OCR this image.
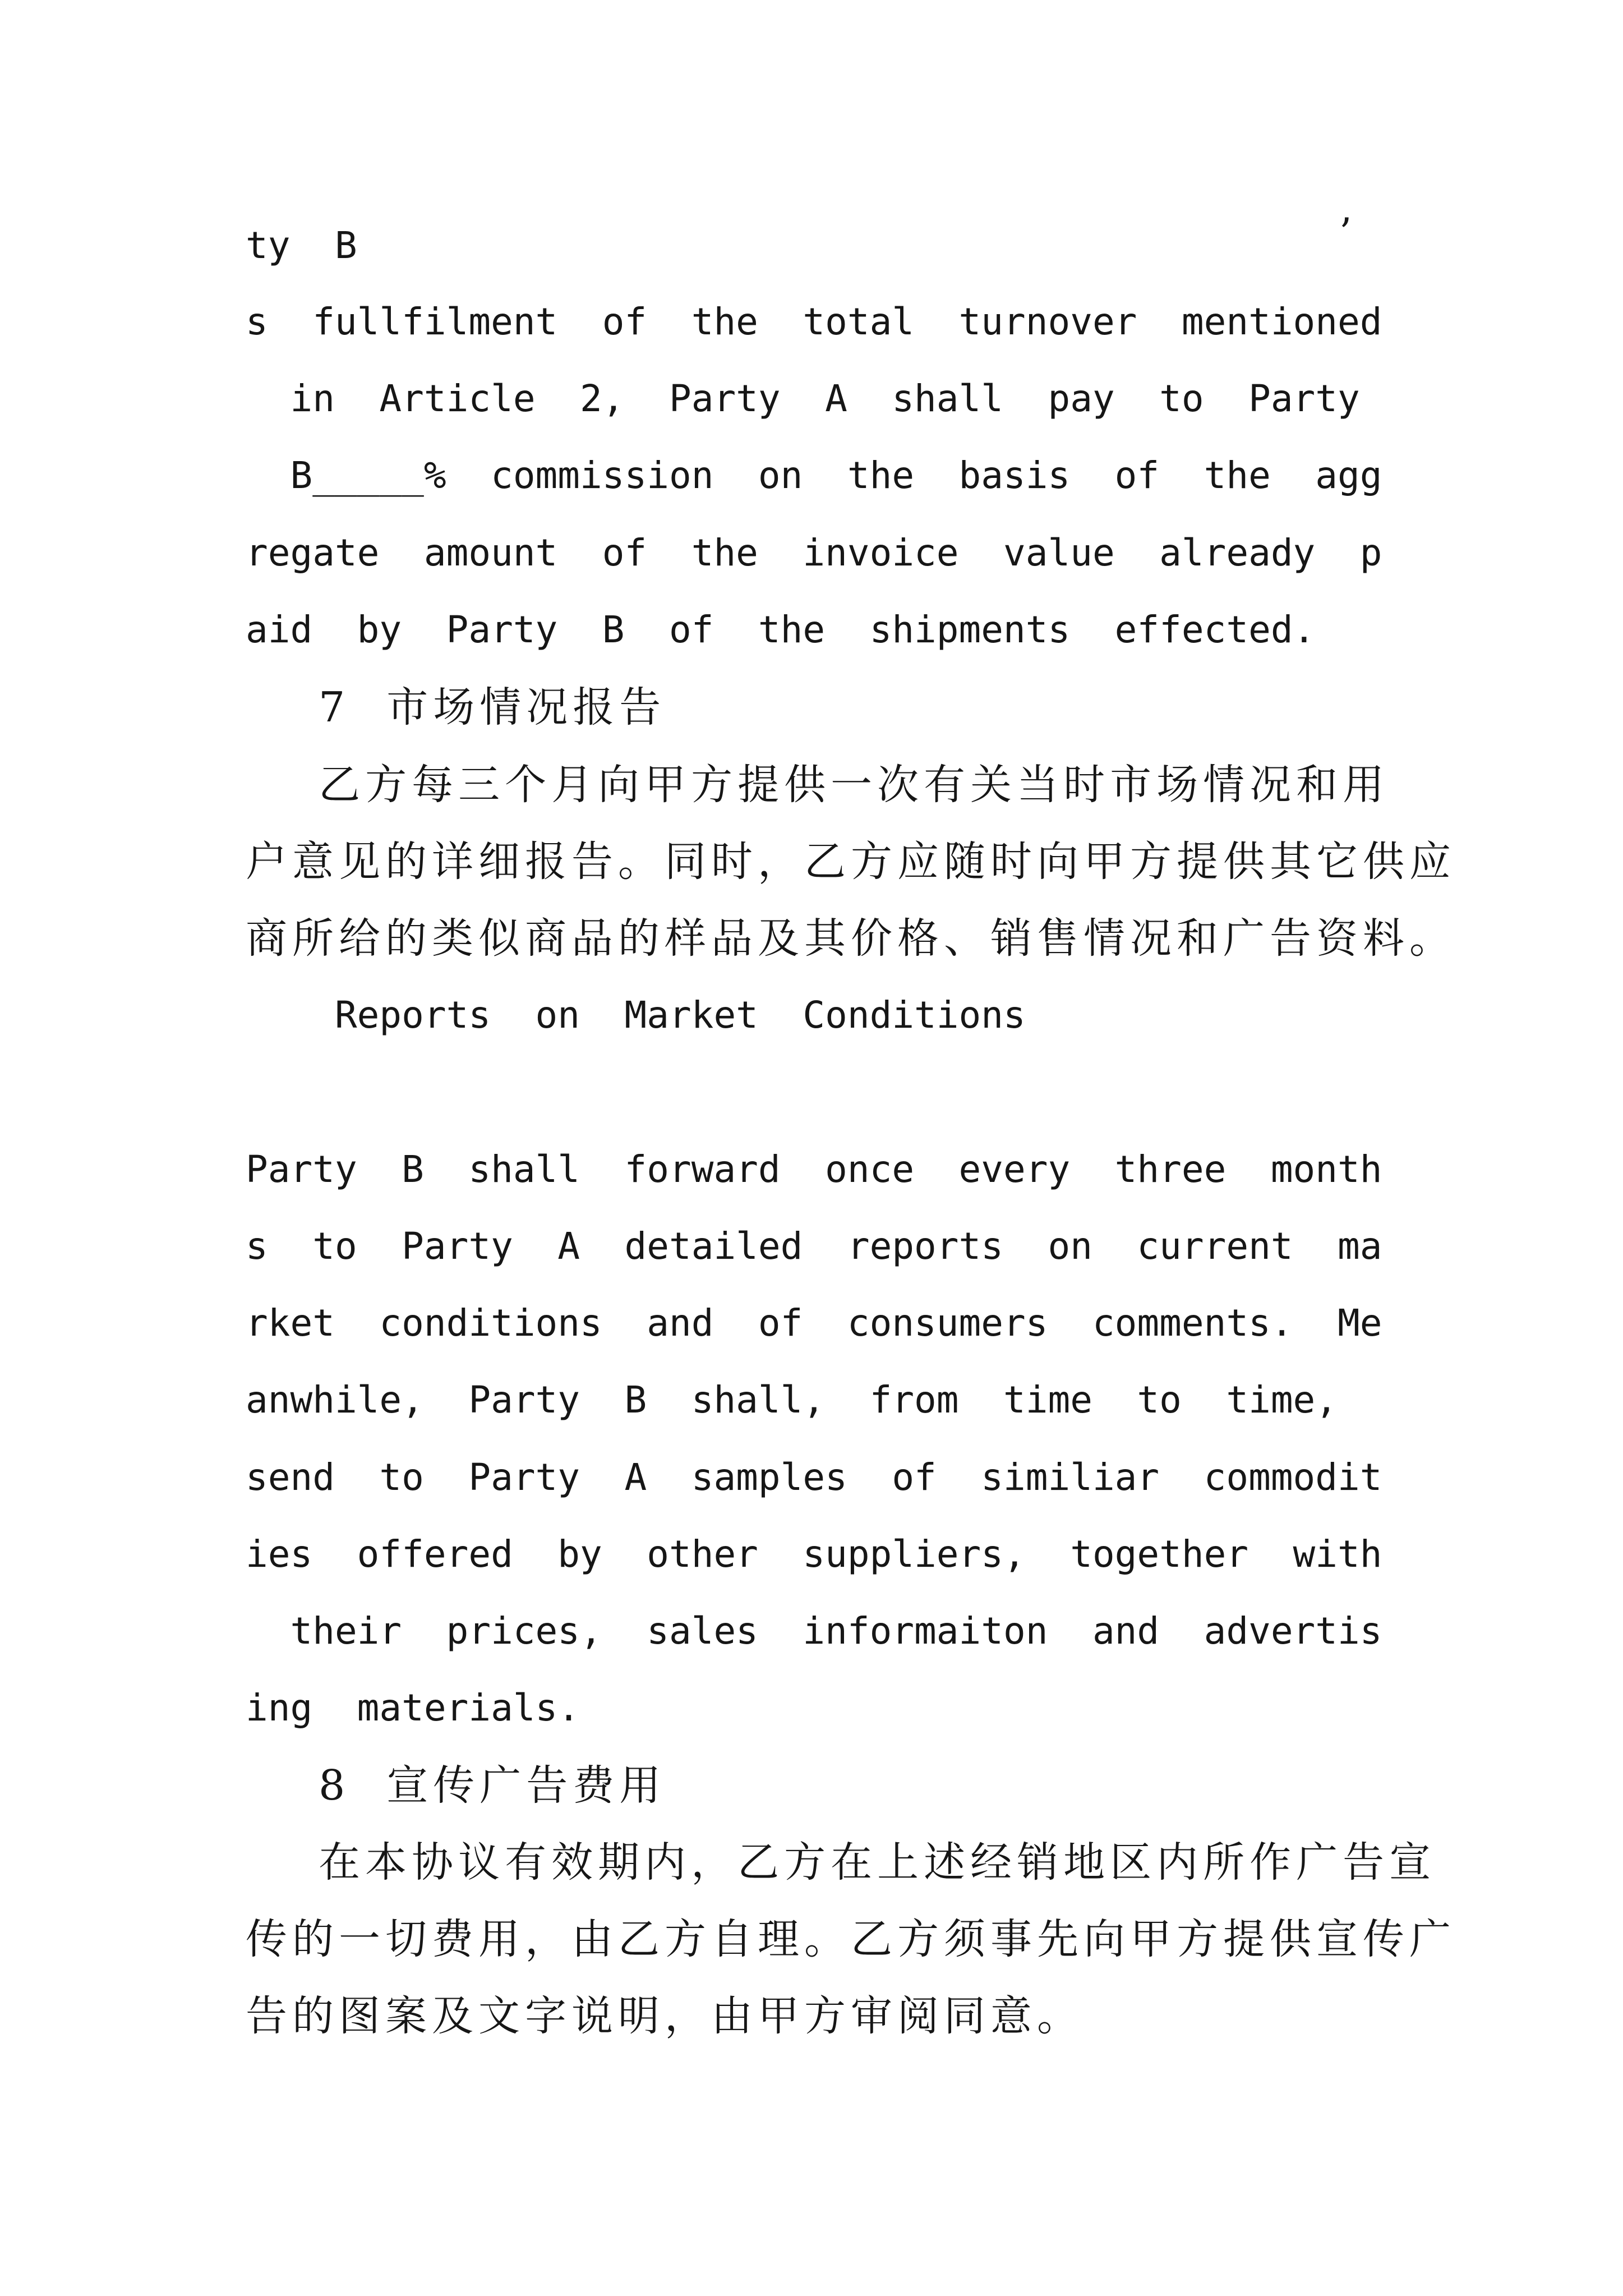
ty  B	’
s  fullfilment  of  the  total  turnover  mentioned
in  Article  2,  Party  A  shall  pay  to  Party
B_____%  commission  on  the  basis  of  the  agg
regate  amount  of  the  invoice  value  already  p
aid  by  Party  B  of  the  shipments  effected.
7  市场情况报告
乙方每三个月向甲方提供一次有关当时市场情况和用
户意见的详细报告。同时，乙方应随时向甲方提供其它供应
商所给的类似商品的样品及其价格、销售情况和广告资料。
Reports  on  Market  Conditions
Party  B  shall  forward  once  every  three  month
s  to  Party  A  detailed  reports  on  current  ma
rket  conditions  and  of  consumers  comments.  Me
anwhile,  Party  B  shall,  from  time  to  time,
send  to  Party  A  samples  of  similiar  commodit
ies  offered  by  other  suppliers,  together  with
their  prices,  sales  informaiton  and  advertis
ing  materials.
8  宣传广告费用
在本协议有效期内，乙方在上述经销地区内所作广告宣
传的一切费用，由乙方自理。乙方须事先向甲方提供宣传广
告的图案及文字说明，由甲方审阅同意。
